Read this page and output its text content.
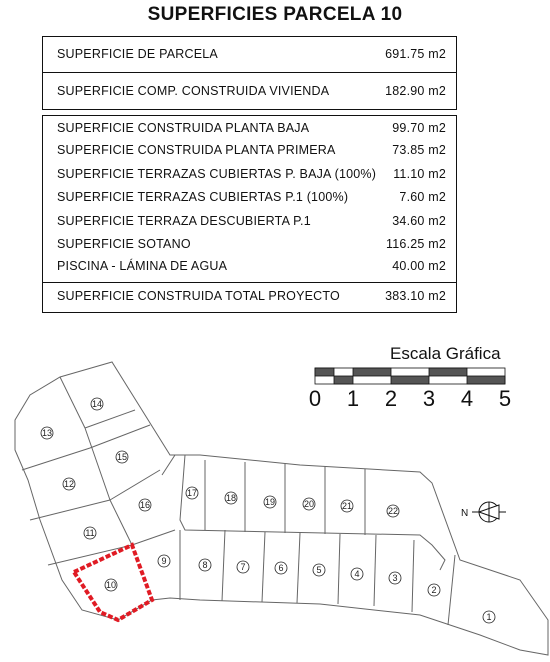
SUPERFICIES PARCELA 10
SUPERFICIE DE PARCELA	691.75 m2
SUPERFICIE COMP. CONSTRUIDA VIVIENDA	182.90 m2
SUPERFICIE CONSTRUIDA PLANTA BAJA	99.70 m2
SUPERFICIE CONSTRUIDA PLANTA PRIMERA	73.85 m2
SUPERFICIE TERRAZAS CUBIERTAS P. BAJA (100%) 11.10 m2
SUPERFICIE TERRAZAS CUBIERTAS P.1 (100%)	7.60 m2
SUPERFICIE TERRAZA DESCUBIERTA P.1	34.60 m2
SUPERFICIE SOTANO	116.25 m2
PISCINA - LÁMINA DE AGUA	40.00 m2
SUPERFICIE CONSTRUIDA TOTAL PROYECTO	383.10 m2
14
13
15
12
16
11
10
9
17	18	19	20	21	22
8	7	6	5	4	3
2
1
N
Escala Gráfica
0 1 2 3 4 5
